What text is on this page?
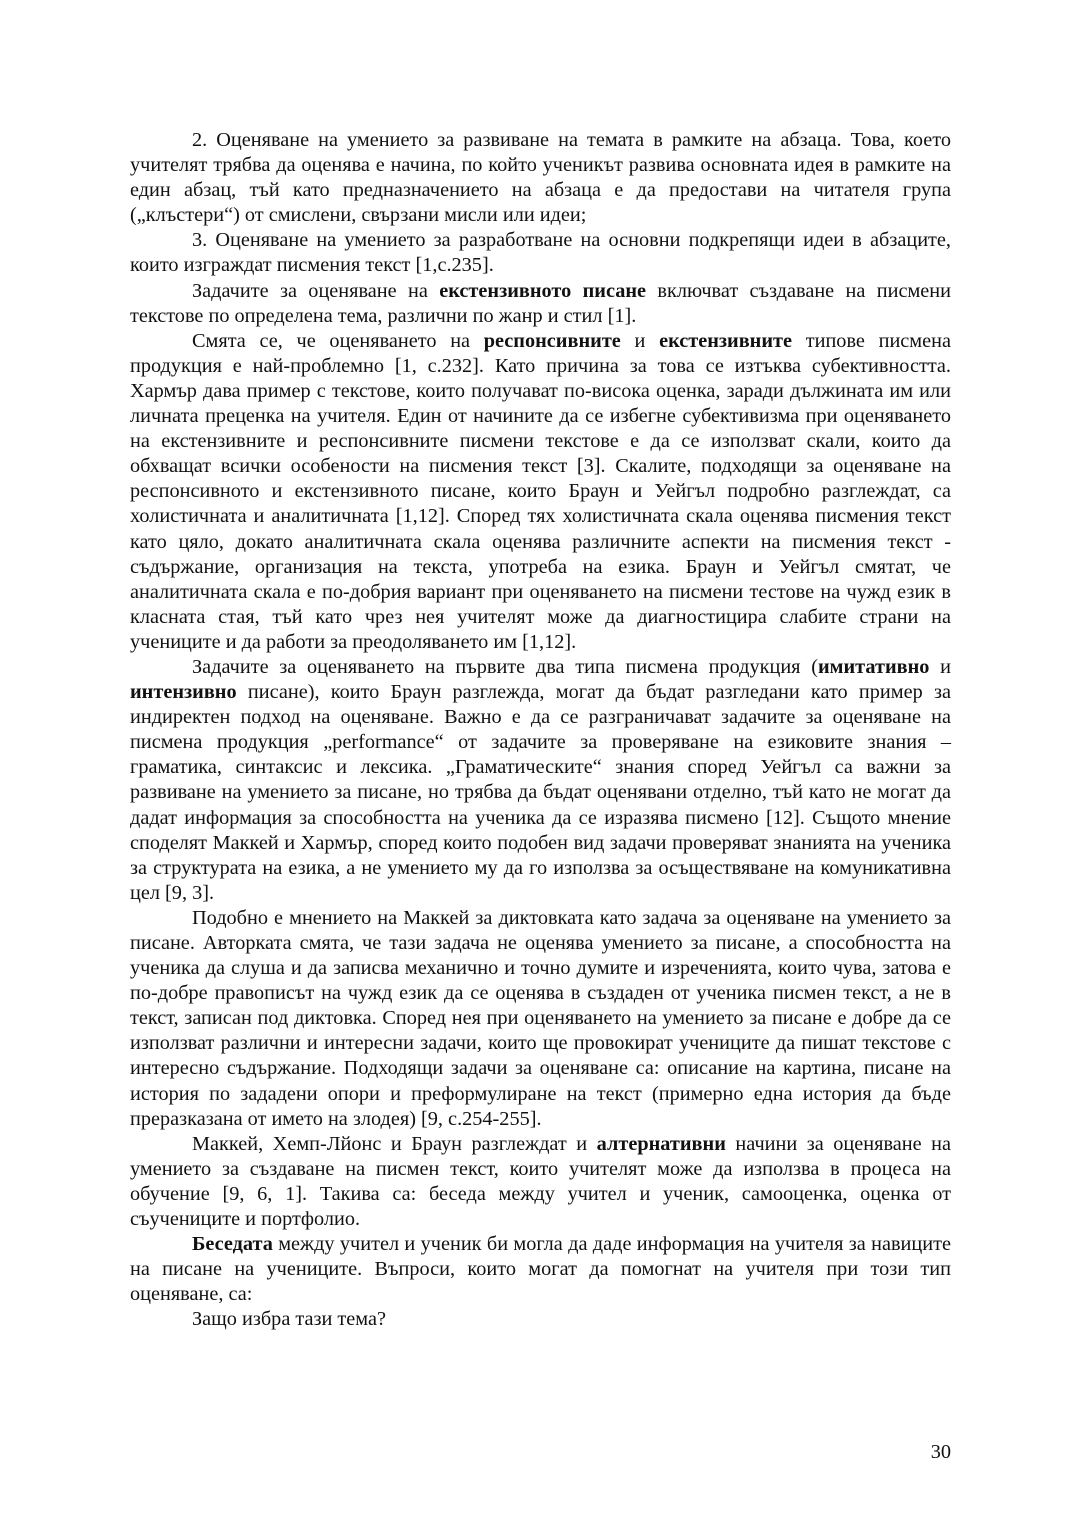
2. Оценяване на умението за развиване на темата в рамките на абзаца. Това, което учителят трябва да оценява е начина, по който ученикът развива основната идея в рамките на един абзац, тъй като предназначението на абзаца е да предостави на читателя група („клъстери“) от смислени, свързани мисли или идеи;

3. Оценяване на умението за разработване на основни подкрепящи идеи в абзаците, които изграждат писмения текст [1,с.235].

Задачите за оценяване на екстензивното писане включват създаване на писмени текстове по определена тема, различни по жанр и стил [1].

Смята се, че оценяването на респонсивните и екстензивните типове писмена продукция е най-проблемно [1, с.232]. Като причина за това се изтъква субективността. Хармър дава пример с текстове, които получават по-висока оценка, заради дължината им или личната преценка на учителя. Един от начините да се избегне субективизма при оценяването на екстензивните и респонсивните писмени текстове е да се използват скали, които да обхващат всички особености на писмения текст [3]. Скалите, подходящи за оценяване на респонсивното и екстензивното писане, които Браун и Уейгъл подробно разглеждат, са холистичната и аналитичната [1,12]. Според тях холистичната скала оценява писмения текст като цяло, докато аналитичната скала оценява различните аспекти на писмения текст - съдържание, организация на текста, употреба на езика. Браун и Уейгъл смятат, че аналитичната скала е по-добрия вариант при оценяването на писмени тестове на чужд език в класната стая, тъй като чрез нея учителят може да диагностицира слабите страни на учениците и да работи за преодоляването им [1,12].

Задачите за оценяването на първите два типа писмена продукция (имитативно и интензивно писане), които Браун разглежда, могат да бъдат разгледани като пример за индиректен подход на оценяване. Важно е да се разграничават задачите за оценяване на писмена продукция „performance“ от задачите за проверяване на езиковите знания – граматика, синтаксис и лексика. „Граматическите“ знания според Уейгъл са важни за развиване на умението за писане, но трябва да бъдат оценявани отделно, тъй като не могат да дадат информация за способността на ученика да се изразява писмено [12]. Същото мнение споделят Маккей и Хармър, според които подобен вид задачи проверяват знанията на ученика за структурата на езика, а не умението му да го използва за осъществяване на комуникативна цел [9, 3].

Подобно е мнението на Маккей за диктовката като задача за оценяване на умението за писане. Авторката смята, че тази задача не оценява умението за писане, а способността на ученика да слуша и да записва механично и точно думите и изреченията, които чува, затова е по-добре правописът на чужд език да се оценява в създаден от ученика писмен текст, а не в текст, записан под диктовка. Според нея при оценяването на умението за писане е добре да се използват различни и интересни задачи, които ще провокират учениците да пишат текстове с интересно съдържание. Подходящи задачи за оценяване са: описание на картина, писане на история по зададени опори и преформулиране на текст (примерно една история да бъде преразказана от името на злодея) [9, с.254-255].

Маккей, Хемп-Лйонс и Браун разглеждат и алтернативни начини за оценяване на умението за създаване на писмен текст, които учителят може да използва в процеса на обучение [9, 6, 1]. Такива са: беседа между учител и ученик, самооценка, оценка от съучениците и портфолио.

Беседата между учител и ученик би могла да даде информация на учителя за навиците на писане на учениците. Въпроси, които могат да помогнат на учителя при този тип оценяване, са:

Защо избра тази тема?

30
